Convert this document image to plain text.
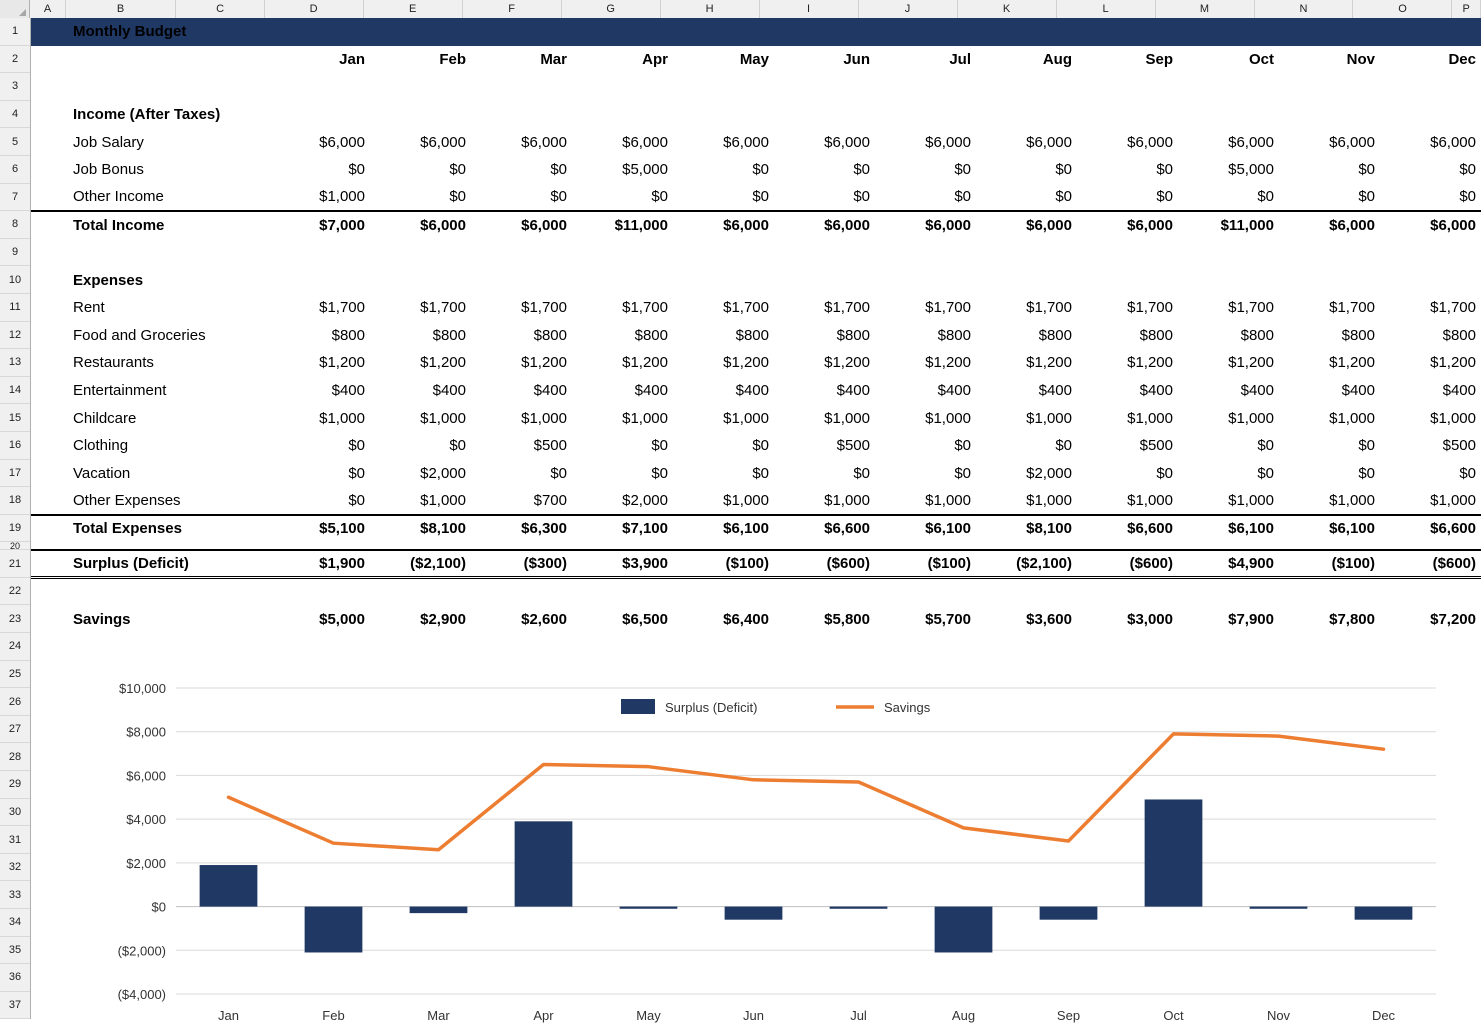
A	B	C	D	E	F	G	H	I	J	K	L	M	N	O	P
1
2
3
4
5
6
7
8
9
10
11
12
13
14
15
16
17
18
19
20
21
22
23
24
25
26
27
28
29
30
31
32
33
34
35
36
37
	Monthly Budget												
		Jan	Feb	Mar	Apr	May	Jun	Jul	Aug	Sep	Oct	Nov	Dec

	Income (After Taxes)												
	Job Salary	$6,000	$6,000	$6,000	$6,000	$6,000	$6,000	$6,000	$6,000	$6,000	$6,000	$6,000	$6,000
	Job Bonus	$0	$0	$0	$5,000	$0	$0	$0	$0	$0	$5,000	$0	$0
	Other Income	$1,000	$0	$0	$0	$0	$0	$0	$0	$0	$0	$0	$0
	Total Income	$7,000	$6,000	$6,000	$11,000	$6,000	$6,000	$6,000	$6,000	$6,000	$11,000	$6,000	$6,000

	Expenses												
	Rent	$1,700	$1,700	$1,700	$1,700	$1,700	$1,700	$1,700	$1,700	$1,700	$1,700	$1,700	$1,700
	Food and Groceries	$800	$800	$800	$800	$800	$800	$800	$800	$800	$800	$800	$800
	Restaurants	$1,200	$1,200	$1,200	$1,200	$1,200	$1,200	$1,200	$1,200	$1,200	$1,200	$1,200	$1,200
	Entertainment	$400	$400	$400	$400	$400	$400	$400	$400	$400	$400	$400	$400
	Childcare	$1,000	$1,000	$1,000	$1,000	$1,000	$1,000	$1,000	$1,000	$1,000	$1,000	$1,000	$1,000
	Clothing	$0	$0	$500	$0	$0	$500	$0	$0	$500	$0	$0	$500
	Vacation	$0	$2,000	$0	$0	$0	$0	$0	$2,000	$0	$0	$0	$0
	Other Expenses	$0	$1,000	$700	$2,000	$1,000	$1,000	$1,000	$1,000	$1,000	$1,000	$1,000	$1,000
	Total Expenses	$5,100	$8,100	$6,300	$7,100	$6,100	$6,600	$6,100	$8,100	$6,600	$6,100	$6,100	$6,600

	Surplus (Deficit)	$1,900	($2,100)	($300)	$3,900	($100)	($600)	($100)	($2,100)	($600)	$4,900	($100)	($600)

	Savings	$5,000	$2,900	$2,600	$6,500	$6,400	$5,800	$5,700	$3,600	$3,000	$7,900	$7,800	$7,200
$10,000
$8,000
$6,000
$4,000
$2,000
$0
($2,000)
($4,000)
Jan	Feb	Mar	Apr	May	Jun	Jul	Aug	Sep	Oct	Nov	Dec
Surplus (Deficit)	Savings
